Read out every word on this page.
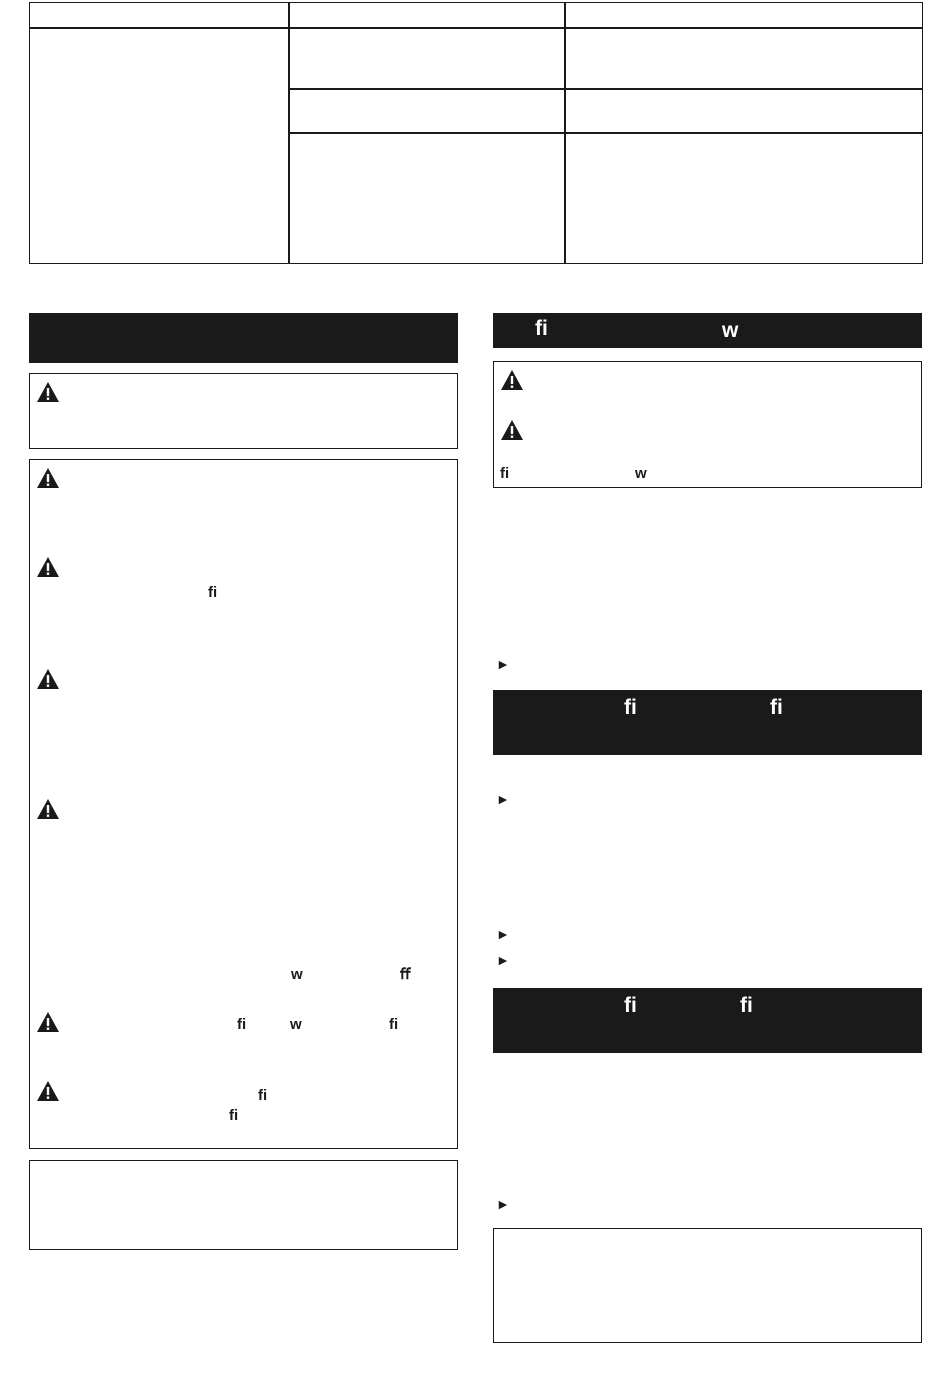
ﬁ
w	ﬀ
ﬁ	w	ﬁ
ﬁ
ﬁ
ﬁ	w
ﬁ	w
►
ﬁ	ﬁ
►
►
►
ﬁ	ﬁ
►
